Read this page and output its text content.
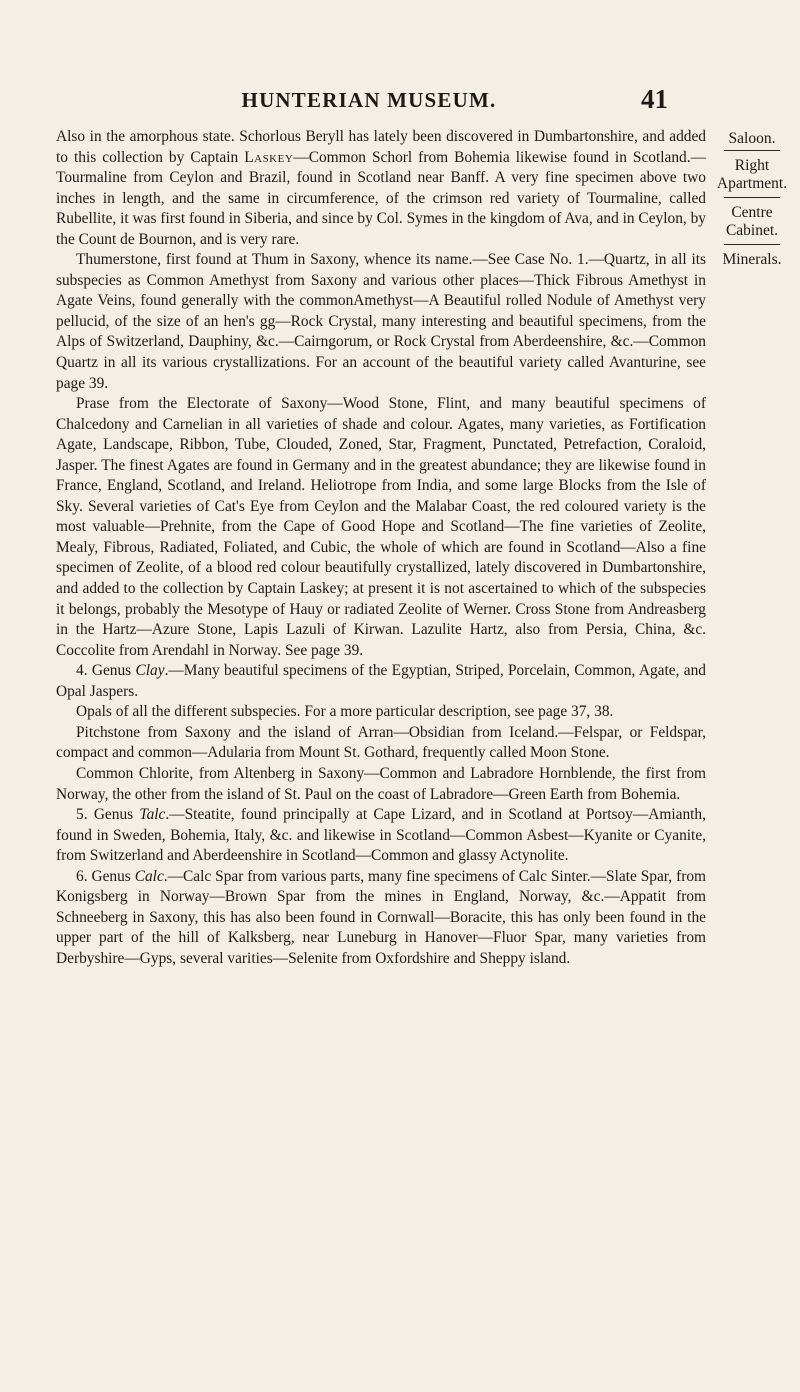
HUNTERIAN MUSEUM.	41

Also in the amorphous state. Schorlous Beryll has lately been discovered in Dumbartonshire, and added to this collection by Captain Laskey—Common Schorl from Bohemia likewise found in Scotland.—Tourmaline from Ceylon and Brazil, found in Scotland near Banff. A very fine specimen above two inches in length, and the same in circumference, of the crimson red variety of Tourmaline, called Rubellite, it was first found in Siberia, and since by Col. Symes in the kingdom of Ava, and in Ceylon, by the Count de Bournon, and is very rare.

Thumerstone, first found at Thum in Saxony, whence its name.—See Case No. 1.—Quartz, in all its subspecies as Common Amethyst from Saxony and various other places—Thick Fibrous Amethyst in Agate Veins, found generally with the commonAmethyst—A Beautiful rolled Nodule of Amethyst very pellucid, of the size of an hen's gg—Rock Crystal, many interesting and beautiful specimens, from the Alps of Switzerland, Dauphiny, &c.—Cairngorum, or Rock Crystal from Aberdeenshire, &c.—Common Quartz in all its various crystallizations. For an account of the beautiful variety called Avanturine, see page 39.

Prase from the Electorate of Saxony—Wood Stone, Flint, and many beautiful specimens of Chalcedony and Carnelian in all varieties of shade and colour. Agates, many varieties, as Fortification Agate, Landscape, Ribbon, Tube, Clouded, Zoned, Star, Fragment, Punctated, Petrefaction, Coraloid, Jasper. The finest Agates are found in Germany and in the greatest abundance; they are likewise found in France, England, Scotland, and Ireland. Heliotrope from India, and some large Blocks from the Isle of Sky. Several varieties of Cat's Eye from Ceylon and the Malabar Coast, the red coloured variety is the most valuable—Prehnite, from the Cape of Good Hope and Scotland—The fine varieties of Zeolite, Mealy, Fibrous, Radiated, Foliated, and Cubic, the whole of which are found in Scotland—Also a fine specimen of Zeolite, of a blood red colour beautifully crystallized, lately discovered in Dumbartonshire, and added to the collection by Captain Laskey; at present it is not ascertained to which of the subspecies it belongs, probably the Mesotype of Hauy or radiated Zeolite of Werner. Cross Stone from Andreasberg in the Hartz—Azure Stone, Lapis Lazuli of Kirwan. Lazulite Hartz, also from Persia, China, &c. Coccolite from Arendahl in Norway. See page 39.

4. Genus Clay.—Many beautiful specimens of the Egyptian, Striped, Porcelain, Common, Agate, and Opal Jaspers.

Opals of all the different subspecies. For a more particular description, see page 37, 38.

Pitchstone from Saxony and the island of Arran—Obsidian from Iceland.—Felspar, or Feldspar, compact and common—Adularia from Mount St. Gothard, frequently called Moon Stone.

Common Chlorite, from Altenberg in Saxony—Common and Labradore Hornblende, the first from Norway, the other from the island of St. Paul on the coast of Labradore—Green Earth from Bohemia.

5. Genus Talc.—Steatite, found principally at Cape Lizard, and in Scotland at Portsoy—Amianth, found in Sweden, Bohemia, Italy, &c. and likewise in Scotland—Common Asbest—Kyanite or Cyanite, from Switzerland and Aberdeenshire in Scotland—Common and glassy Actynolite.

6. Genus Calc.—Calc Spar from various parts, many fine specimens of Calc Sinter.—Slate Spar, from Konigsberg in Norway—Brown Spar from the mines in England, Norway, &c.—Appatit from Schneeberg in Saxony, this has also been found in Cornwall—Boracite, this has only been found in the upper part of the hill of Kalksberg, near Luneburg in Hanover—Fluor Spar, many varieties from Derbyshire—Gyps, several varities—Selenite from Oxfordshire and Sheppy island.

Saloon.
Right
Apartment.
Centre
Cabinet.
Minerals.
